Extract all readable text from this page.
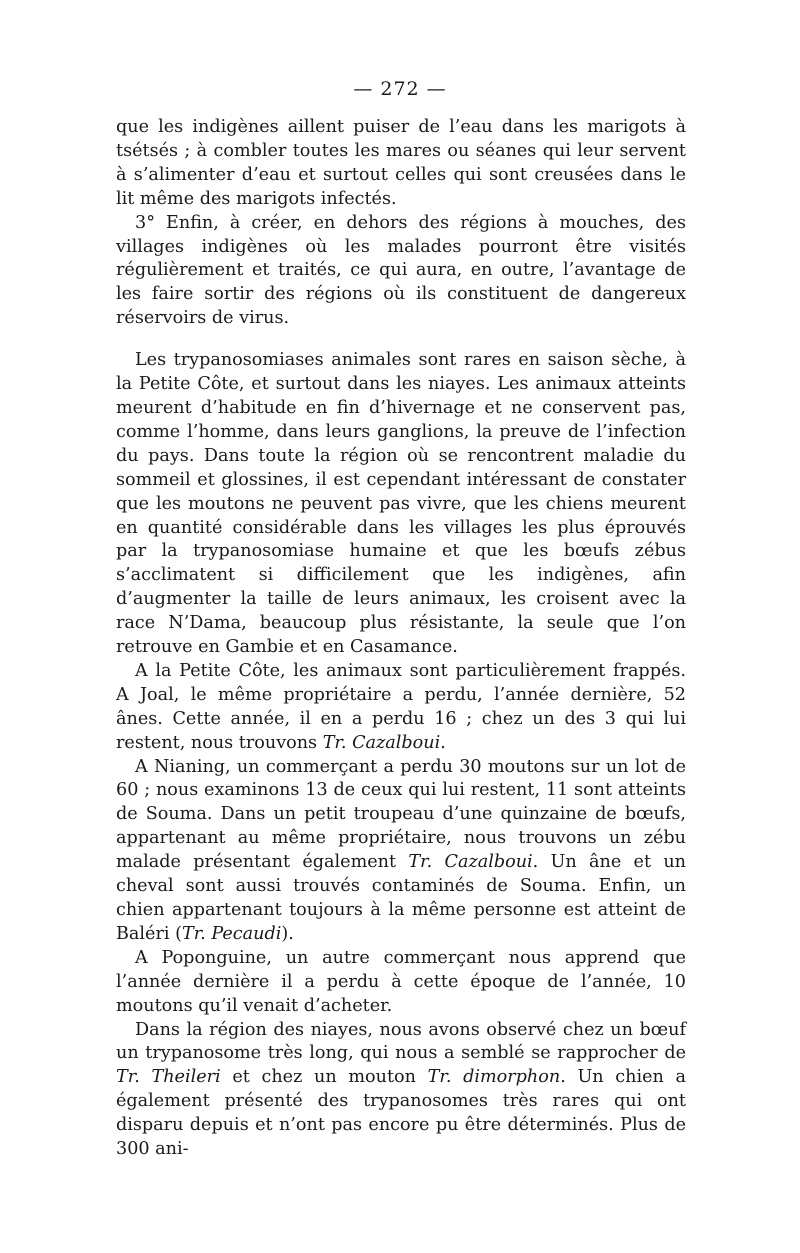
— 272 —

que les indigènes aillent puiser de l’eau dans les marigots à tsétsés ; à combler toutes les mares ou séanes qui leur servent à s’alimenter d’eau et surtout celles qui sont creusées dans le lit même des marigots infectés.

3° Enfin, à créer, en dehors des régions à mouches, des villages indigènes où les malades pourront être visités régulièrement et traités, ce qui aura, en outre, l’avantage de les faire sortir des régions où ils constituent de dangereux réservoirs de virus.

Les trypanosomiases animales sont rares en saison sèche, à la Petite Côte, et surtout dans les niayes. Les animaux atteints meurent d’habitude en fin d’hivernage et ne conservent pas, comme l’homme, dans leurs ganglions, la preuve de l’infection du pays. Dans toute la région où se rencontrent maladie du sommeil et glossines, il est cependant intéressant de constater que les moutons ne peuvent pas vivre, que les chiens meurent en quantité considérable dans les villages les plus éprouvés par la trypanosomiase humaine et que les bœufs zébus s’acclimatent si difficilement que les indigènes, afin d’augmenter la taille de leurs animaux, les croisent avec la race N’Dama, beaucoup plus résistante, la seule que l’on retrouve en Gambie et en Casamance.

A la Petite Côte, les animaux sont particulièrement frappés. A Joal, le même propriétaire a perdu, l’année dernière, 52 ânes. Cette année, il en a perdu 16 ; chez un des 3 qui lui restent, nous trouvons Tr. Cazalboui.

A Nianing, un commerçant a perdu 30 moutons sur un lot de 60 ; nous examinons 13 de ceux qui lui restent, 11 sont atteints de Souma. Dans un petit troupeau d’une quinzaine de bœufs, appartenant au même propriétaire, nous trouvons un zébu malade présentant également Tr. Cazalboui. Un âne et un cheval sont aussi trouvés contaminés de Souma. Enfin, un chien appartenant toujours à la même personne est atteint de Baléri (Tr. Pecaudi).

A Poponguine, un autre commerçant nous apprend que l’année dernière il a perdu à cette époque de l’année, 10 moutons qu’il venait d’acheter.

Dans la région des niayes, nous avons observé chez un bœuf un trypanosome très long, qui nous a semblé se rapprocher de Tr. Theileri et chez un mouton Tr. dimorphon. Un chien a également présenté des trypanosomes très rares qui ont disparu depuis et n’ont pas encore pu être déterminés. Plus de 300 ani-
